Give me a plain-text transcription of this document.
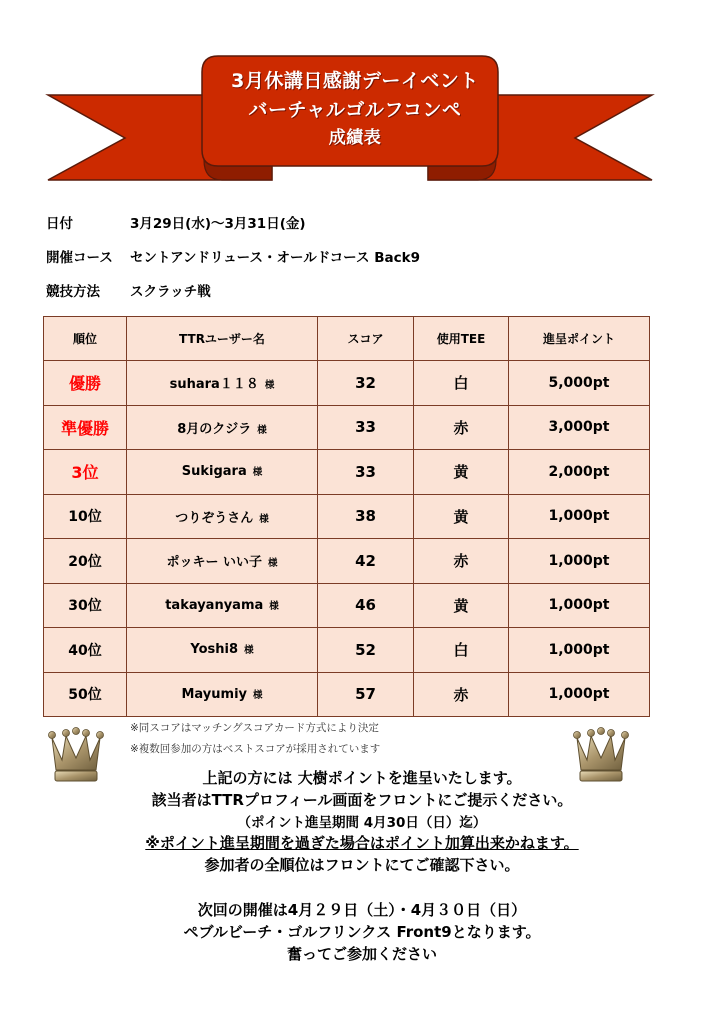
3月休講日感謝デーイベント
バーチャルゴルフコンペ
成績表
日付	3月29日(水)〜3月31日(金)
開催コース セントアンドリュース・オールドコース Back9
競技方法 スクラッチ戦
順位	TTRユーザー名	スコア	使用TEE	進呈ポイント
優勝	suhara１１８ 様	32	白	5,000pt
準優勝	8月のクジラ 様	33	赤	3,000pt
3位	Sukigara 様	33	黄	2,000pt
10位	つりぞうさん 様	38	黄	1,000pt
20位	ポッキー いい子 様	42	赤	1,000pt
30位	takayanyama 様	46	黄	1,000pt
40位	Yoshi8 様	52	白	1,000pt
50位	Mayumiy 様	57	赤	1,000pt
※同スコアはマッチングスコアカード方式により決定
※複数回参加の方はベストスコアが採用されています
上記の方には 大樹ポイントを進呈いたします。
該当者はTTRプロフィール画面をフロントにご提示ください。
（ポイント進呈期間 4月30日（日）迄）
※ポイント進呈期間を過ぎた場合はポイント加算出来かねます。
参加者の全順位はフロントにてご確認下さい。
次回の開催は4月２９日（土）・4月３０日（日）
ペブルビーチ・ゴルフリンクス Front9となります。
奮ってご参加ください
